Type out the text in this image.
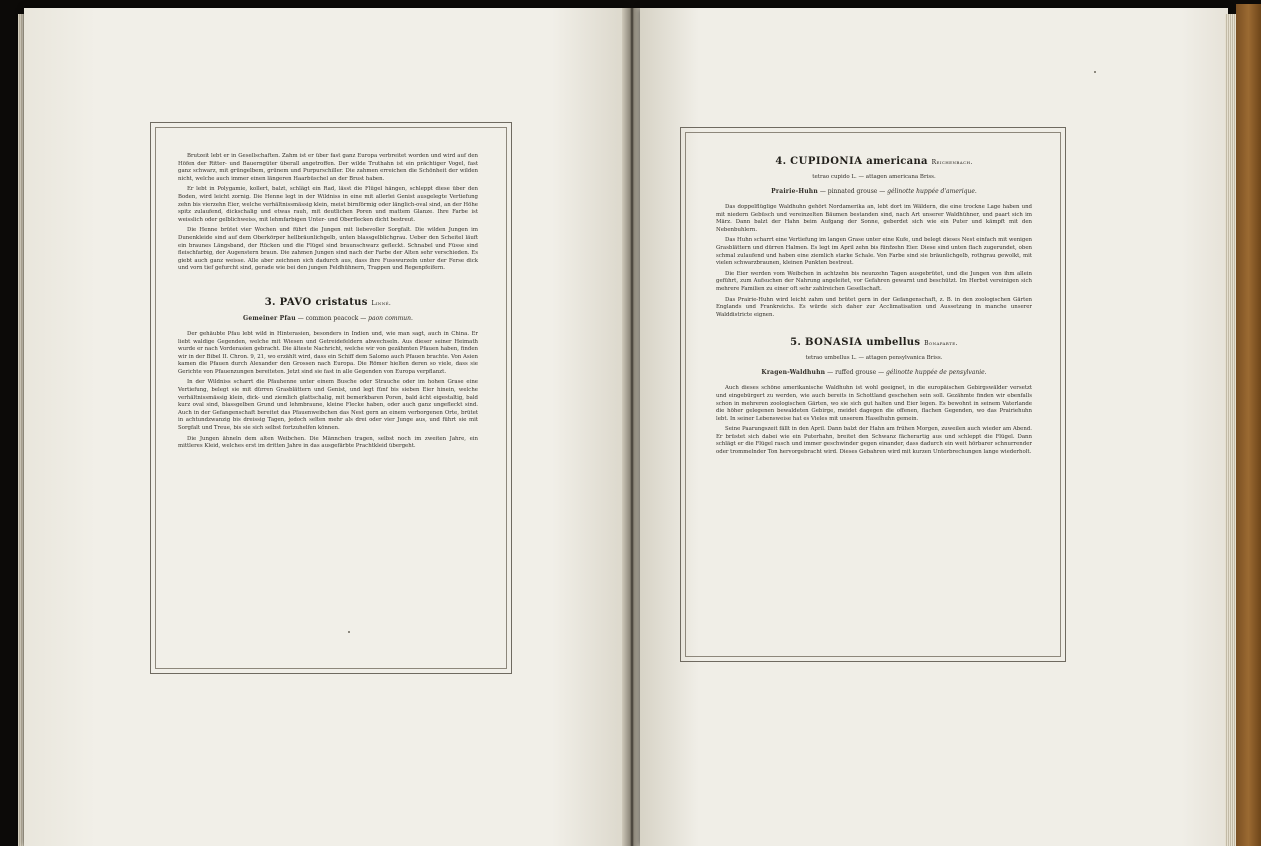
Brutzeit lebt er in Gesellschaften. Zahm ist er über fast ganz Europa verbreitet worden und wird auf den Höfen der Ritter- und Bauerngüter überall angetroffen. Der wilde Truthahn ist ein prächtiger Vogel, fast ganz schwarz, mit grüngelbem, grünem und Purpurschiller. Die zahmen erreichen die Schönheit der wilden nicht, welche auch immer einen längeren Haarbüschel an der Brust haben.

Er lebt in Polygamie, kollert, balzt, schlägt ein Rad, lässt die Flügel hängen, schleppt diese über den Boden, wird leicht zornig. Die Henne legt in der Wildniss in eine mit allerlei Genist ausgelegte Vertiefung zehn bis vierzehn Eier, welche verhältnissmässig klein, meist birnförmig oder länglich-oval sind, an der Höhe spitz zulaufend, dickschalig und etwas rauh, mit deutlichen Poren und mattem Glanze. Ihre Farbe ist weisslich oder gelblichweiss, mit lehmfarbigen Unter- und Oberflecken dicht bestreut.

Die Henne brütet vier Wochen und führt die Jungen mit liebevoller Sorgfalt. Die wilden Jungen im Dunenkleide sind auf dem Oberkörper hellbräunlichgelb, unten blassgelblichgrau. Ueber den Scheitel läuft ein braunes Längsband, der Rücken und die Flügel sind braunschwarz gefleckt. Schnabel und Füsse sind fleischfarbig, der Augenstern braun. Die zahmen Jungen sind nach der Farbe der Alten sehr verschieden. Es giebt auch ganz weisse. Alle aber zeichnen sich dadurch aus, dass ihre Fusswurzeln unter der Ferse dick und vorn tief gefurcht sind, gerade wie bei den jungen Feldhühnern, Trappen und Regenpfeifern.

3. PAVO cristatus Linné.
Gemeiner Pfau — common peacock — paon commun.

Der gehäubte Pfau lebt wild in Hinterasien, besonders in Indien und, wie man sagt, auch in China. Er liebt waldige Gegenden, welche mit Wiesen und Getreidefeldern abwechseln. Aus dieser seiner Heimath wurde er nach Vorderasien gebracht. Die älteste Nachricht, welche wir von gezähmten Pfauen haben, finden wir in der Bibel II. Chron. 9, 21, wo erzählt wird, dass ein Schiff dem Salomo auch Pfauen brachte. Von Asien kamen die Pfauen durch Alexander den Grossen nach Europa. Die Römer hielten deren so viele, dass sie Gerichte von Pfauenzungen bereiteten. Jetzt sind sie fast in alle Gegenden von Europa verpflanzt.

In der Wildniss scharrt die Pfauhenne unter einem Busche oder Strauche oder im hohen Grase eine Vertiefung, belegt sie mit dürren Grasblättern und Genist, und legt fünf bis sieben Eier hinein, welche verhältnissmässig klein, dick- und ziemlich glattschalig, mit bemerkbaren Poren, bald ächt eigestaltig, bald kurz oval sind, blassgelben Grund und lehmbraune, kleine Flecke haben, oder auch ganz ungefleckt sind. Auch in der Gefangenschaft bereitet das Pfauenweibchen das Nest gern an einem verborgenen Orte, brütet in achtundzwanzig bis dreissig Tagen, jedoch selten mehr als drei oder vier Junge aus, und führt sie mit Sorgfalt und Treue, bis sie sich selbst fortzuhelfen können.

Die Jungen ähneln dem alten Weibchen. Die Männchen tragen, selbst noch im zweiten Jahre, ein mittleres Kleid, welches erst im dritten Jahre in das ausgefärbte Prachtkleid übergeht.

4. CUPIDONIA americana Reichenbach.
tetrao cupido L. — attagen americana Briss.
Prairie-Huhn — pinnated grouse — gélinotte huppée d'amerique.

Das doppelflüglige Waldhuhn gehört Nordamerika an, lebt dort im Wäldern, die eine trockne Lage haben und mit niedern Gebüsch und vereinzelten Bäumen bestanden sind, nach Art unserer Waldhühner, und paart sich im März. Dann balzt der Hahn beim Aufgang der Sonne, geberdet sich wie ein Puter und kämpft mit den Nebenbuhlern.

Das Huhn scharrt eine Vertiefung im langen Grase unter eine Kufe, und belegt dieses Nest einfach mit wenigen Grasblättern und dürren Halmen. Es legt im April zehn bis fünfzehn Eier. Diese sind unten flach zugerundet, oben schmal zulaufend und haben eine ziemlich starke Schale. Von Farbe sind sie bräunlichgelb, rothgrau gewolkt, mit vielen schwarzbraunen, kleinen Punkten bestreut.

Die Eier werden vom Weibchen in achtzehn bis neunzehn Tagen ausgebrütet, und die Jungen von ihm allein geführt, zum Aufsuchen der Nahrung angeleitet, vor Gefahren gewarnt und beschützt. Im Herbst vereinigen sich mehrere Familien zu einer oft sehr zahlreichen Gesellschaft.

Das Prairie-Huhn wird leicht zahm und brütet gern in der Gefangenschaft, z. B. in den zoologischen Gärten Englands und Frankreichs. Es würde sich daher zur Acclimatisation und Aussetzung in manche unserer Walddistricte eignen.

5. BONASIA umbellus Bonaparte.
tetrao umbellus L. — attagen pensylvanica Briss.
Kragen-Waldhuhn — ruffed grouse — gélinotte huppée de pensylvanie.

Auch dieses schöne amerikanische Waldhuhn ist wohl geeignet, in die europäischen Gebirgswälder versetzt und eingebürgert zu werden, wie auch bereits in Schottland geschehen sein soll. Gezähmte finden wir ebenfalls schon in mehreren zoologischen Gärten, wo sie sich gut halten und Eier legen. Es bewohnt in seinem Vaterlande die höher gelegenen bewaldeten Gebirge, meidet dagegen die offenen, flachen Gegenden, wo das Prairiehuhn lebt. In seiner Lebensweise hat es Vieles mit unserem Haselhuhn gemein.

Seine Paarungszeit fällt in den April. Dann balzt der Hahn am frühen Morgen, zuweilen auch wieder am Abend. Er brüstet sich dabei wie ein Puterhahn, breitet den Schwanz fächerartig aus und schleppt die Flügel. Dann schlägt er die Flügel rasch und immer geschwinder gegen einander, dass dadurch ein weit hörbarer schnurrender oder trommelnder Ton hervorgebracht wird. Dieses Gebahren wird mit kurzen Unterbrechungen lange wiederholt.
